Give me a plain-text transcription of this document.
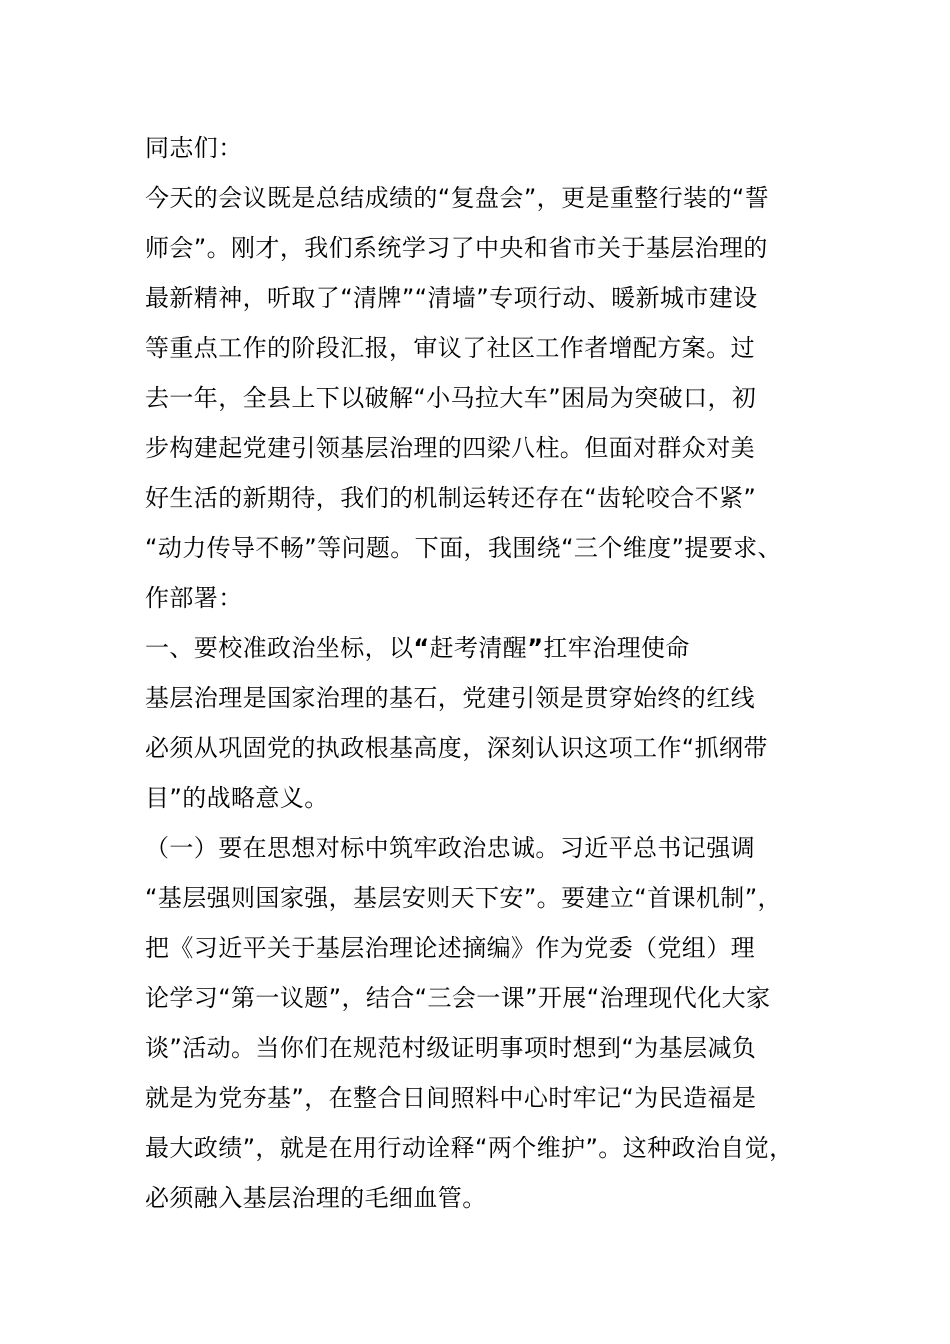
同志们：
今天的会议既是总结成绩的“复盘会”，更是重整行装的“誓
师会”。刚才，我们系统学习了中央和省市关于基层治理的
最新精神，听取了“清牌”“清墙”专项行动、暖新城市建设
等重点工作的阶段汇报，审议了社区工作者增配方案。过
去一年，全县上下以破解“小马拉大车”困局为突破口，初
步构建起党建引领基层治理的四梁八柱。但面对群众对美
好生活的新期待，我们的机制运转还存在“齿轮咬合不紧”
“动力传导不畅”等问题。下面，我围绕“三个维度”提要求、
作部署：
一、要校准政治坐标，以“赶考清醒”扛牢治理使命
基层治理是国家治理的基石，党建引领是贯穿始终的红线
必须从巩固党的执政根基高度，深刻认识这项工作“抓纲带
目”的战略意义。
（一）要在思想对标中筑牢政治忠诚。习近平总书记强调
“基层强则国家强，基层安则天下安”。要建立“首课机制”，
把《习近平关于基层治理论述摘编》作为党委（党组）理
论学习“第一议题”，结合“三会一课”开展“治理现代化大家
谈”活动。当你们在规范村级证明事项时想到“为基层减负
就是为党夯基”，在整合日间照料中心时牢记“为民造福是
最大政绩”，就是在用行动诠释“两个维护”。这种政治自觉，
必须融入基层治理的毛细血管。
